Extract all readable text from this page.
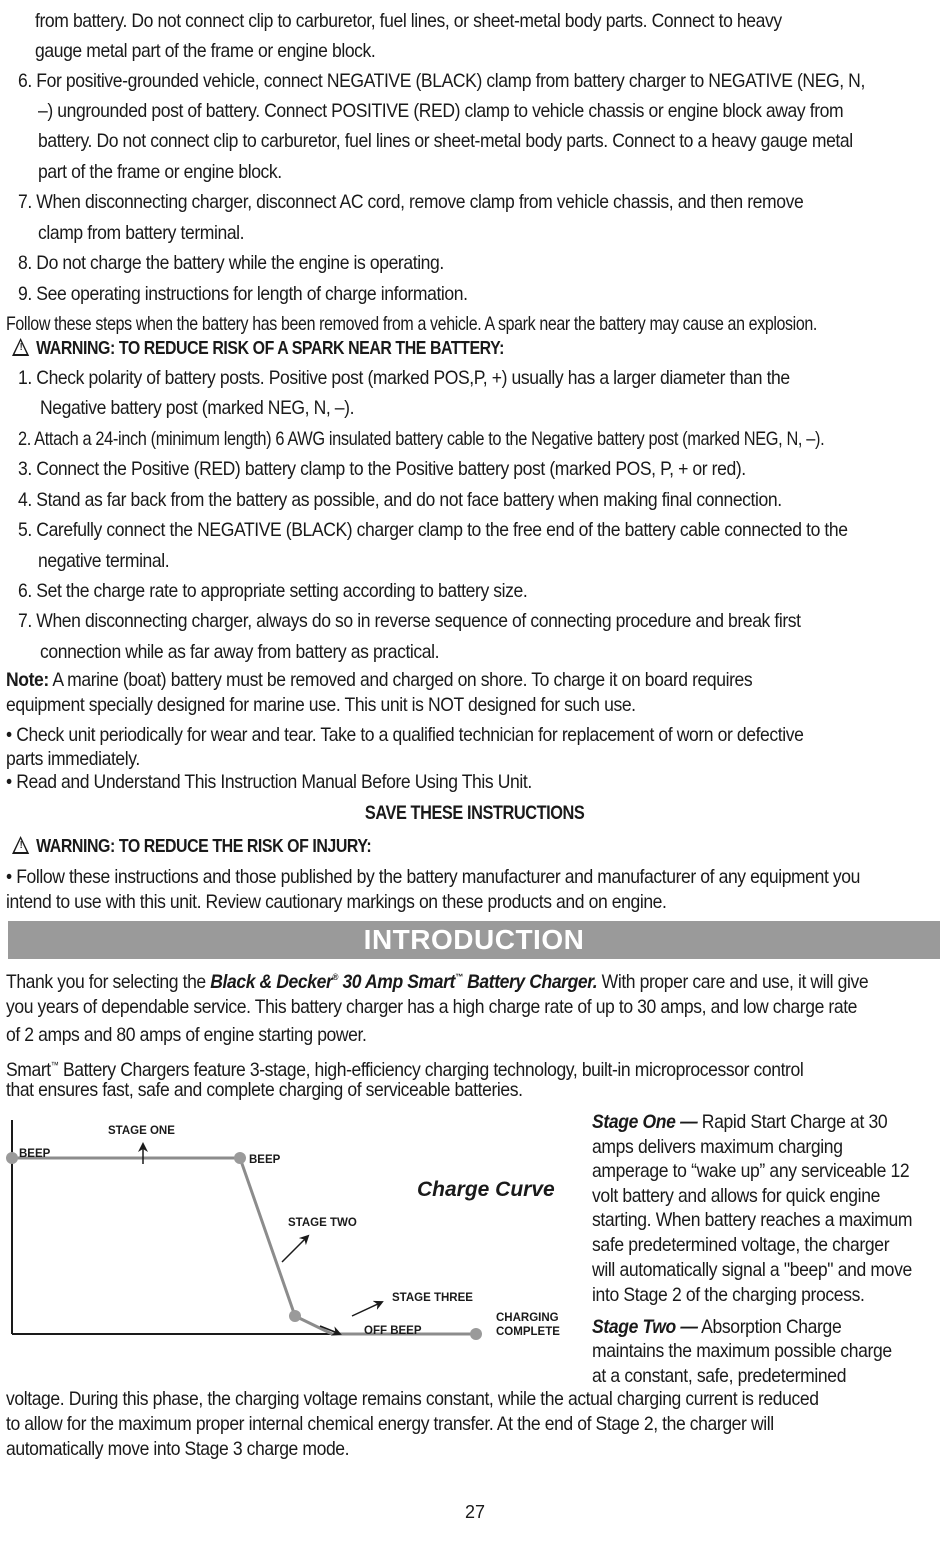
from battery. Do not connect clip to carburetor, fuel lines, or sheet-metal body parts. Connect to heavy
gauge metal part of the frame or engine block.
6. For positive-grounded vehicle, connect NEGATIVE (BLACK) clamp from battery charger to NEGATIVE (NEG, N,
–) ungrounded post of battery. Connect POSITIVE (RED) clamp to vehicle chassis or engine block away from
battery. Do not connect clip to carburetor, fuel lines or sheet-metal body parts. Connect to a heavy gauge metal
part of the frame or engine block.
7. When disconnecting charger, disconnect AC cord, remove clamp from vehicle chassis, and then remove
clamp from battery terminal.
8. Do not charge the battery while the engine is operating.
9. See operating instructions for length of charge information.
Follow these steps when the battery has been removed from a vehicle. A spark near the battery may cause an explosion.
! WARNING: TO REDUCE RISK OF A SPARK NEAR THE BATTERY:
1. Check polarity of battery posts. Positive post (marked POS,P, +) usually has a larger diameter than the
Negative battery post (marked NEG, N, –).
2. Attach a 24-inch (minimum length) 6 AWG insulated battery cable to the Negative battery post (marked NEG, N, –).
3. Connect the Positive (RED) battery clamp to the Positive battery post (marked POS, P, + or red).
4. Stand as far back from the battery as possible, and do not face battery when making final connection.
5. Carefully connect the NEGATIVE (BLACK) charger clamp to the free end of the battery cable connected to the
negative terminal.
6. Set the charge rate to appropriate setting according to battery size.
7. When disconnecting charger, always do so in reverse sequence of connecting procedure and break first
connection while as far away from battery as practical.
Note: A marine (boat) battery must be removed and charged on shore. To charge it on board requires
equipment specially designed for marine use. This unit is NOT designed for such use.
• Check unit periodically for wear and tear. Take to a qualified technician for replacement of worn or defective
parts immediately.
• Read and Understand This Instruction Manual Before Using This Unit.
SAVE THESE INSTRUCTIONS
! WARNING: TO REDUCE THE RISK OF INJURY:
• Follow these instructions and those published by the battery manufacturer and manufacturer of any equipment you
intend to use with this unit. Review cautionary markings on these products and on engine.
INTRODUCTION
Thank you for selecting the Black & Decker® 30 Amp Smart™ Battery Charger. With proper care and use, it will give
you years of dependable service. This battery charger has a high charge rate of up to 30 amps, and low charge rate
of 2 amps and 80 amps of engine starting power.
Smart™ Battery Chargers feature 3-stage, high-efficiency charging technology, built-in microprocessor control
that ensures fast, safe and complete charging of serviceable batteries.
BEEP
STAGE ONE
BEEP
STAGE TWO
STAGE THREE
OFF BEEP
CHARGING
COMPLETE
Charge Curve
Stage One — Rapid Start Charge at 30
amps delivers maximum charging
amperage to “wake up” any serviceable 12
volt battery and allows for quick engine
starting. When battery reaches a maximum
safe predetermined voltage, the charger
will automatically signal a "beep" and move
into Stage 2 of the charging process.
Stage Two — Absorption Charge
maintains the maximum possible charge
at a constant, safe, predetermined
voltage. During this phase, the charging voltage remains constant, while the actual charging current is reduced
to allow for the maximum proper internal chemical energy transfer. At the end of Stage 2, the charger will
automatically move into Stage 3 charge mode.
27
